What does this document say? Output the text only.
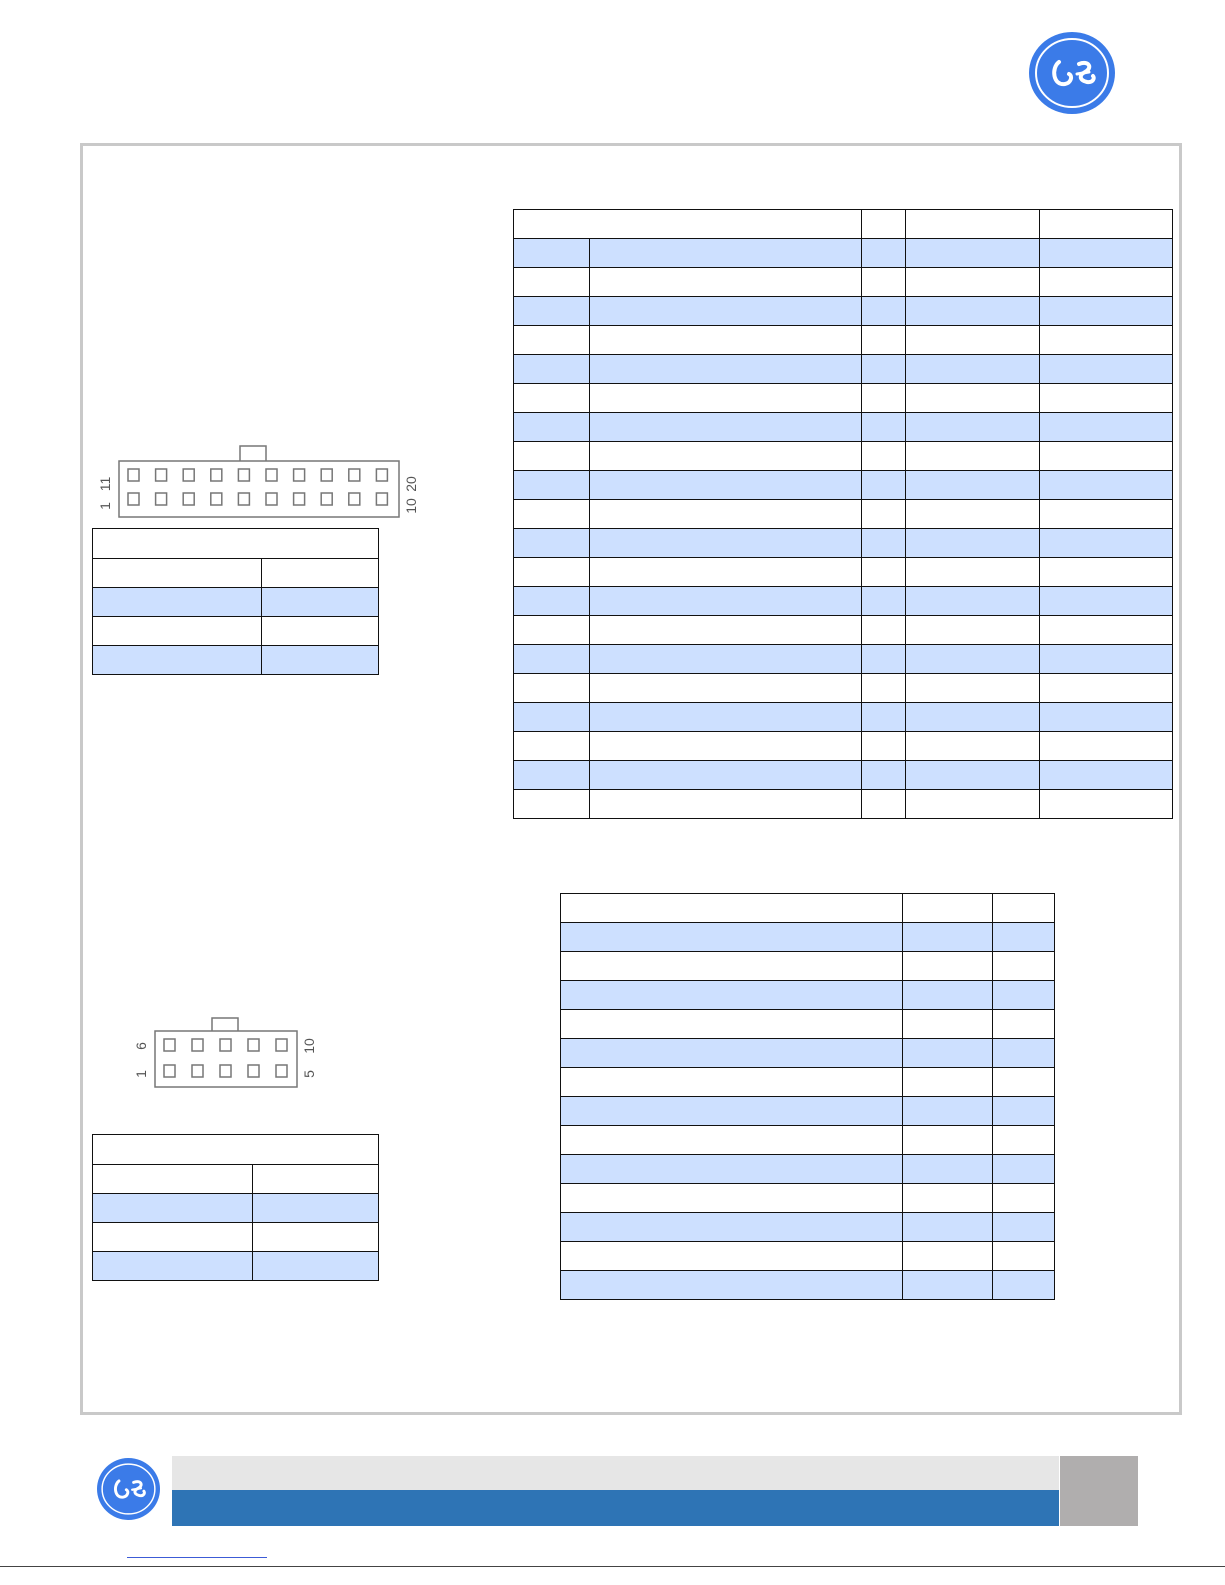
11
1
20
10

6
1
10
5
